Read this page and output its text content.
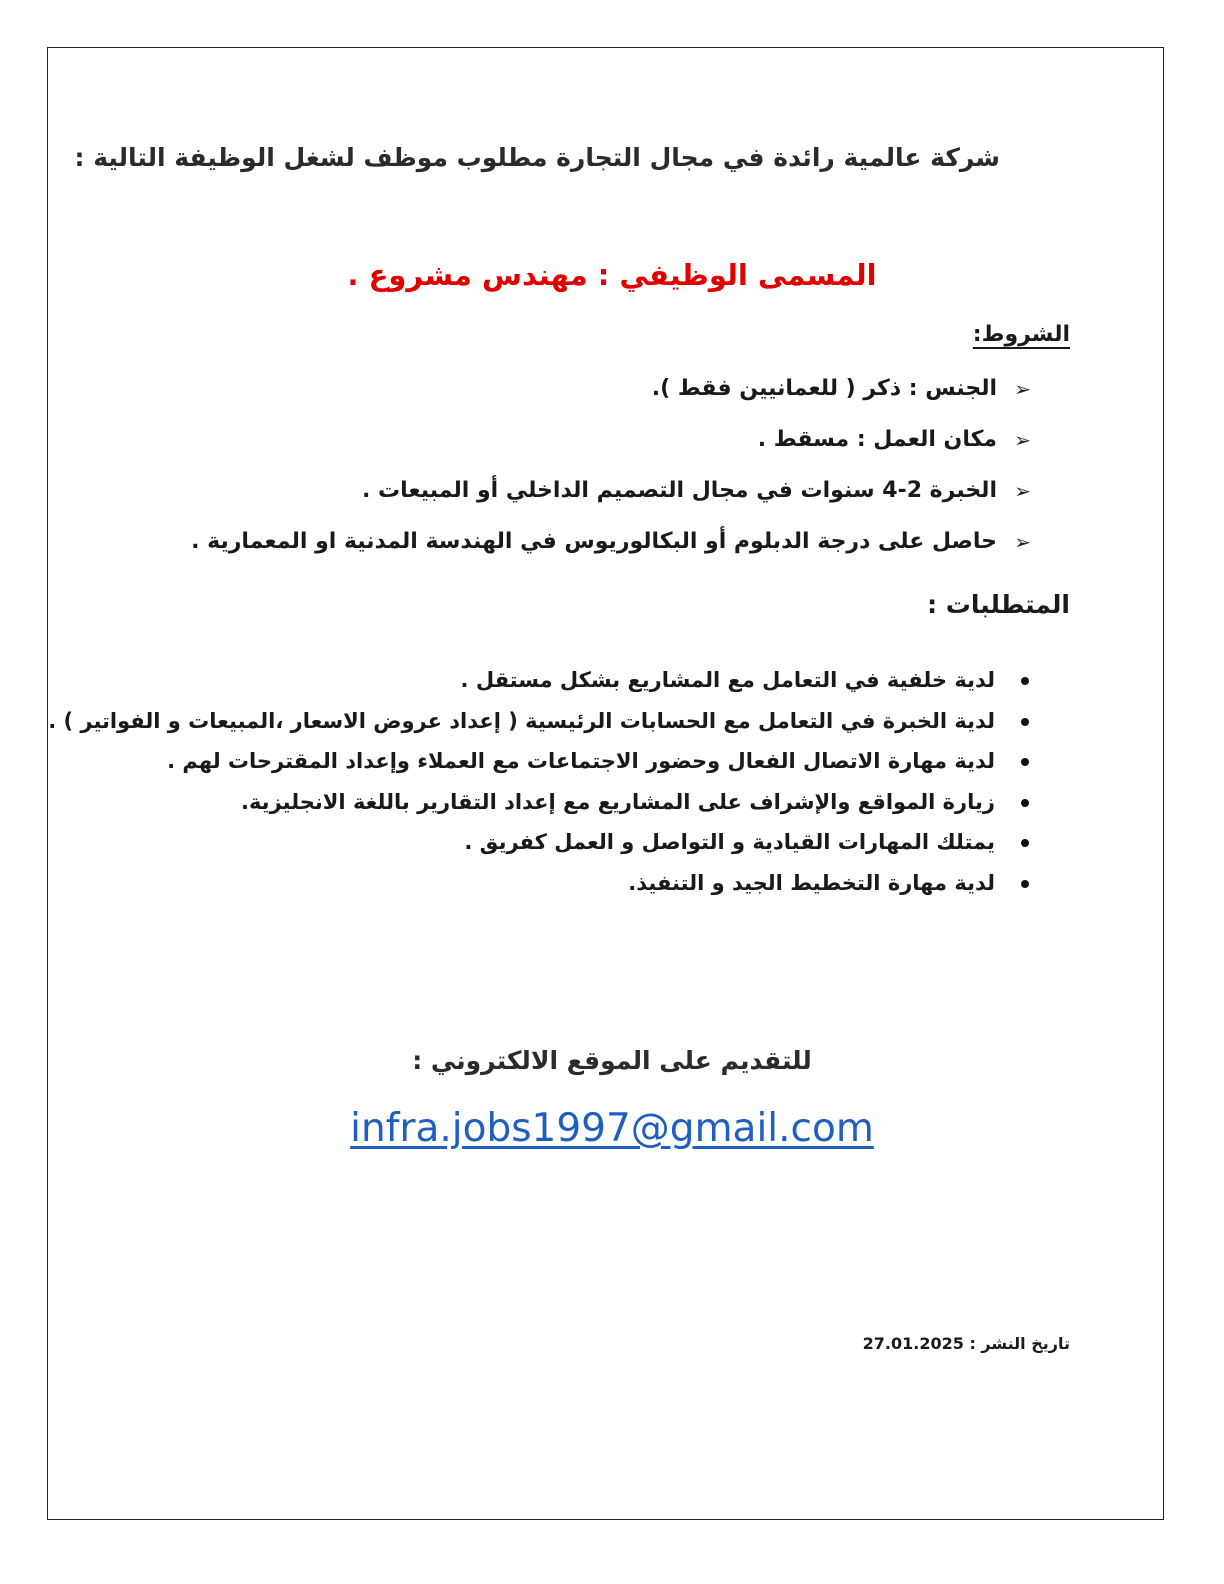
شركة عالمية رائدة في مجال التجارة مطلوب موظف لشغل الوظيفة التالية :
المسمى الوظيفي : مهندس مشروع .
الشروط:
➢
الجنس : ذكر ( للعمانيين فقط ).
➢
مكان العمل : مسقط .
➢
الخبرة 2-4 سنوات في مجال التصميم الداخلي أو المبيعات .
➢
حاصل على درجة الدبلوم أو البكالوريوس في الهندسة المدنية او المعمارية .
المتطلبات :
لدية خلفية في التعامل مع المشاريع بشكل مستقل .
لدية الخبرة في التعامل مع الحسابات الرئيسية ( إعداد عروض الاسعار ،المبيعات و الفواتير ) .
لدية مهارة الاتصال الفعال وحضور الاجتماعات مع العملاء وإعداد المقترحات لهم .
زيارة المواقع والإشراف على المشاريع مع إعداد التقارير باللغة الانجليزية.
يمتلك المهارات القيادية و التواصل و العمل كفريق .
لدية مهارة التخطيط الجيد و التنفيذ.
للتقديم على الموقع الالكتروني :
infra.jobs1997@gmail.com
تاريخ النشر : 27.01.2025
